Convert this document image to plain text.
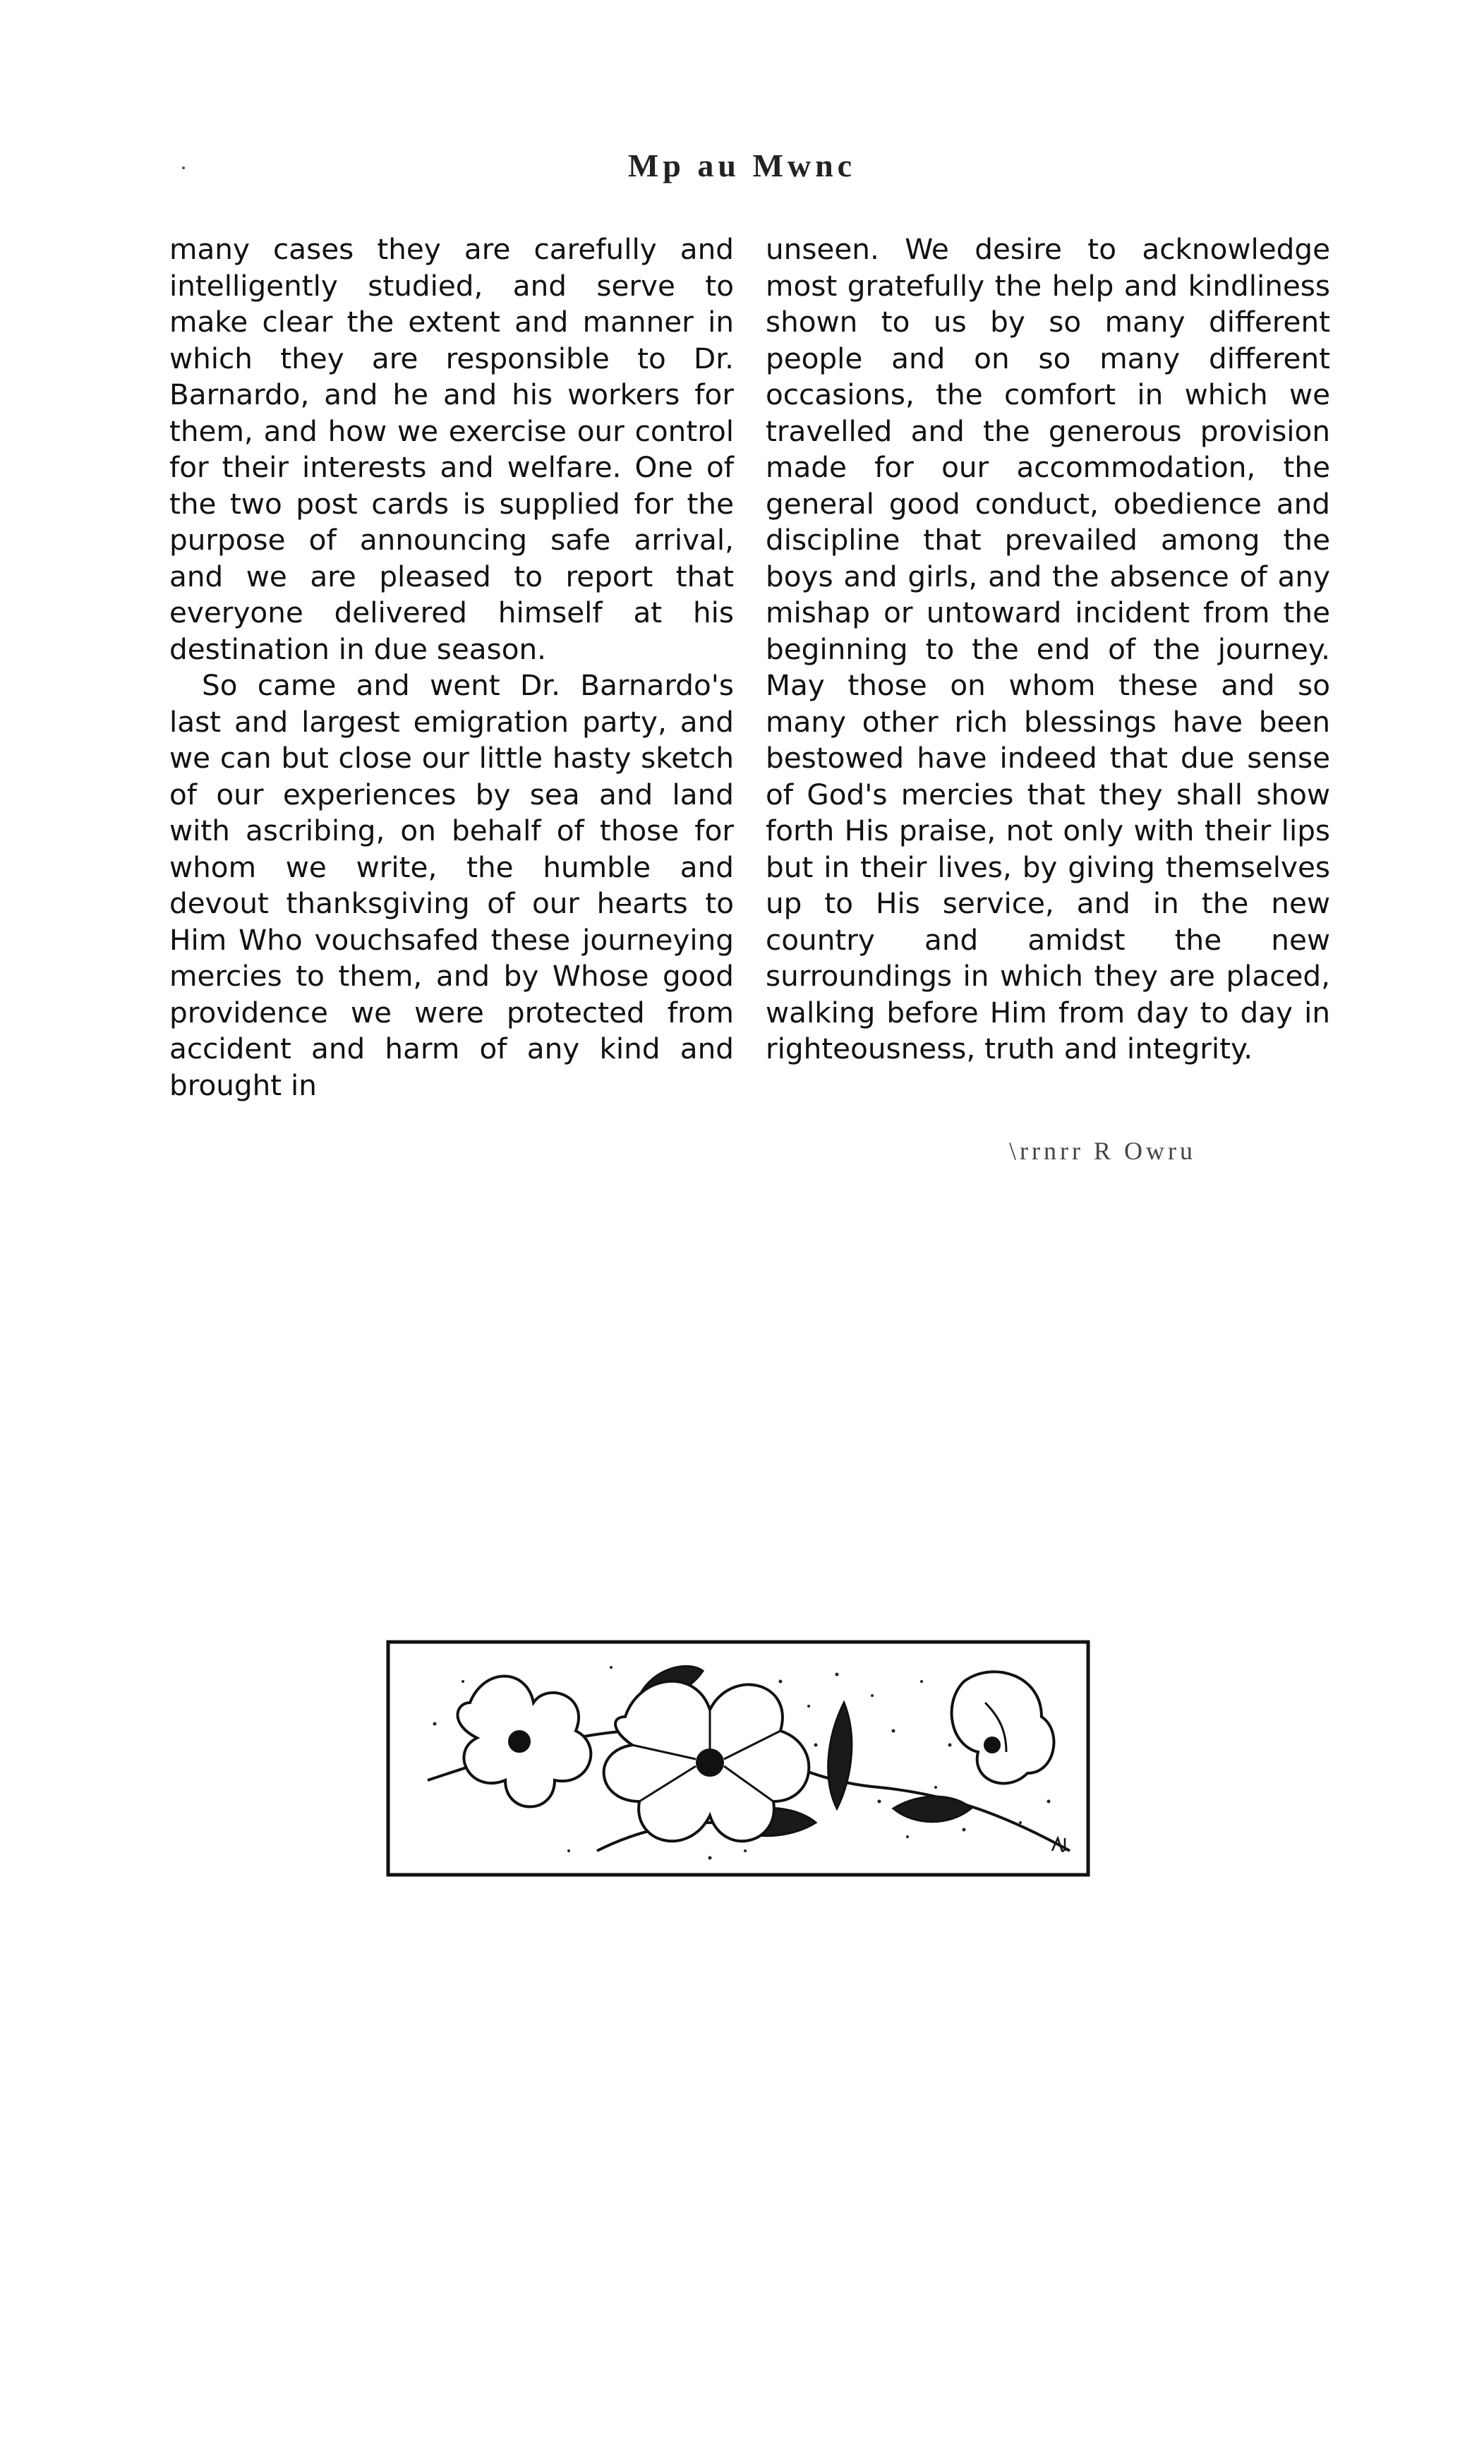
Mp au Mwnc

many cases they are carefully and intelligently studied, and serve to make clear the extent and manner in which they are responsible to Dr. Barnardo, and he and his workers for them, and how we exercise our control for their interests and welfare. One of the two post cards is supplied for the purpose of announcing safe arrival, and we are pleased to report that everyone delivered himself at his destination in due season.

So came and went Dr. Barnardo's last and largest emigration party, and we can but close our little hasty sketch of our experiences by sea and land with ascribing, on behalf of those for whom we write, the humble and devout thanksgiving of our hearts to Him Who vouchsafed these journeying mercies to them, and by Whose good providence we were protected from accident and harm of any kind and brought in

unseen. We desire to acknowledge most gratefully the help and kindliness shown to us by so many different people and on so many different occasions, the comfort in which we travelled and the generous provision made for our accommodation, the general good conduct, obedience and discipline that prevailed among the boys and girls, and the absence of any mishap or untoward incident from the beginning to the end of the journey. May those on whom these and so many other rich blessings have been bestowed have indeed that due sense of God's mercies that they shall show forth His praise, not only with their lips but in their lives, by giving themselves up to His service, and in the new country and amidst the new surroundings in which they are placed, walking before Him from day to day in righteousness, truth and integrity.

\rrnrr R Owru
